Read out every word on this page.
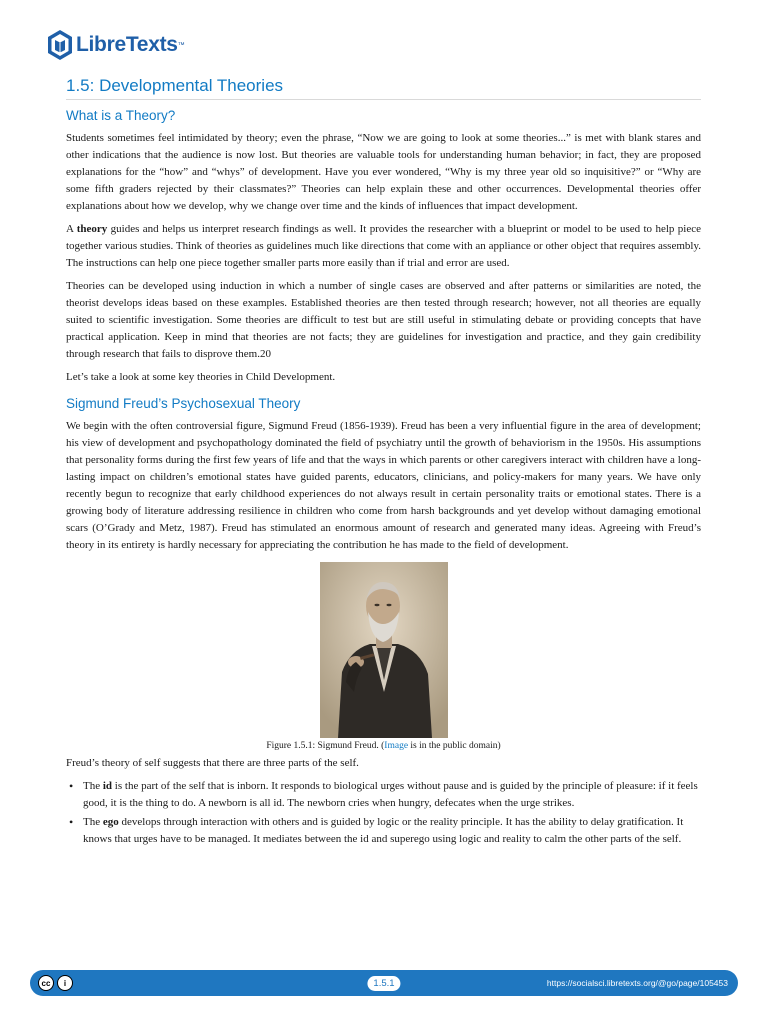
LibreTexts ™
1.5: Developmental Theories
What is a Theory?

Students sometimes feel intimidated by theory; even the phrase, “Now we are going to look at some theories...” is met with blank stares and other indications that the audience is now lost. But theories are valuable tools for understanding human behavior; in fact, they are proposed explanations for the “how” and “whys” of development. Have you ever wondered, “Why is my three year old so inquisitive?” or “Why are some fifth graders rejected by their classmates?” Theories can help explain these and other occurrences. Developmental theories offer explanations about how we develop, why we change over time and the kinds of influences that impact development.

A theory guides and helps us interpret research findings as well. It provides the researcher with a blueprint or model to be used to help piece together various studies. Think of theories as guidelines much like directions that come with an appliance or other object that requires assembly. The instructions can help one piece together smaller parts more easily than if trial and error are used.

Theories can be developed using induction in which a number of single cases are observed and after patterns or similarities are noted, the theorist develops ideas based on these examples. Established theories are then tested through research; however, not all theories are equally suited to scientific investigation. Some theories are difficult to test but are still useful in stimulating debate or providing concepts that have practical application. Keep in mind that theories are not facts; they are guidelines for investigation and practice, and they gain credibility through research that fails to disprove them.20

Let’s take a look at some key theories in Child Development.

Sigmund Freud’s Psychosexual Theory

We begin with the often controversial figure, Sigmund Freud (1856-1939). Freud has been a very influential figure in the area of development; his view of development and psychopathology dominated the field of psychiatry until the growth of behaviorism in the 1950s. His assumptions that personality forms during the first few years of life and that the ways in which parents or other caregivers interact with children have a long-lasting impact on children’s emotional states have guided parents, educators, clinicians, and policy-makers for many years. We have only recently begun to recognize that early childhood experiences do not always result in certain personality traits or emotional states. There is a growing body of literature addressing resilience in children who come from harsh backgrounds and yet develop without damaging emotional scars (O’Grady and Metz, 1987). Freud has stimulated an enormous amount of research and generated many ideas. Agreeing with Freud’s theory in its entirety is hardly necessary for appreciating the contribution he has made to the field of development.

Figure 1.5.1: Sigmund Freud. (Image is in the public domain)

Freud’s theory of self suggests that there are three parts of the self.

• The id is the part of the self that is inborn. It responds to biological urges without pause and is guided by the principle of pleasure: if it feels good, it is the thing to do. A newborn is all id. The newborn cries when hungry, defecates when the urge strikes.
• The ego develops through interaction with others and is guided by logic or the reality principle. It has the ability to delay gratification. It knows that urges have to be managed. It mediates between the id and superego using logic and reality to calm the other parts of the self.
cc	i	1.5.1	https://socialsci.libretexts.org/@go/page/105453
